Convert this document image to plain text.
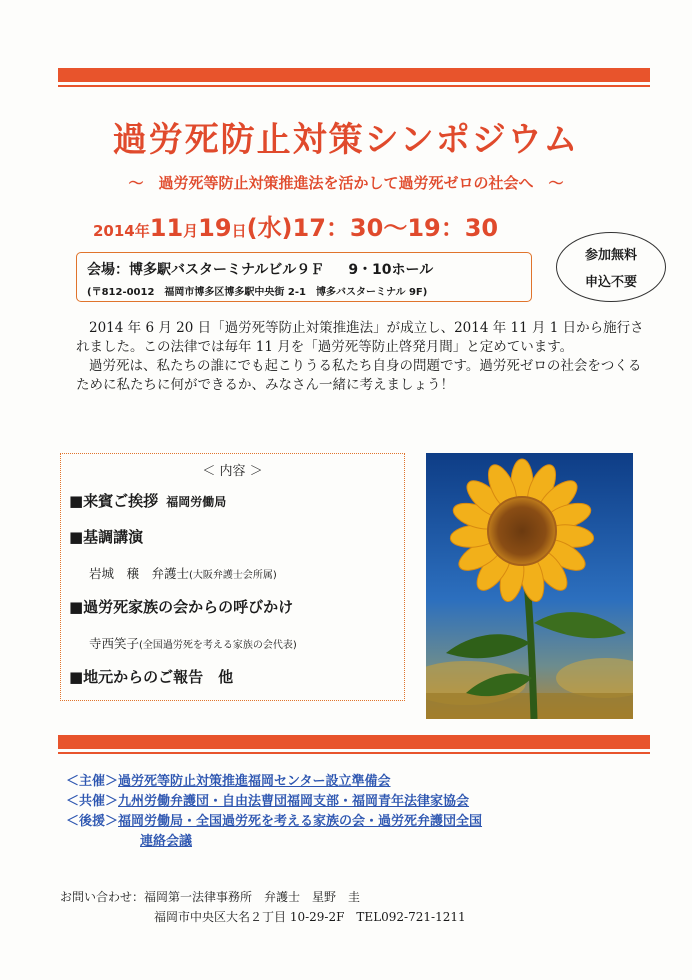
過労死防止対策シンポジウム
～　過労死等防止対策推進法を活かして過労死ゼロの社会へ　～
2014年11月19日(水)17：30～19：30
会場：博多駅バスターミナルビル９Ｆ 9・10ホール
(〒812-0012　福岡市博多区博多駅中央街 2-1　博多バスターミナル 9F)
参加無料
申込不要

2014 年 6 月 20 日「過労死等防止対策推進法」が成立し、2014 年 11 月 1 日から施行されました。この法律では毎年 11 月を「過労死等防止啓発月間」と定めています。

過労死は、私たちの誰にでも起こりうる私たち自身の問題です。過労死ゼロの社会をつくるために私たちに何ができるか、みなさん一緒に考えましょう！

＜ 内容 ＞
■来賓ご挨拶 福岡労働局
■基調講演
岩城　穣　弁護士(大阪弁護士会所属)
■過労死家族の会からの呼びかけ
寺西笑子(全国過労死を考える家族の会代表)
■地元からのご報告　他
＜主催＞過労死等防止対策推進福岡センター設立準備会
＜共催＞九州労働弁護団・自由法曹団福岡支部・福岡青年法律家協会
＜後援＞福岡労働局・全国過労死を考える家族の会・過労死弁護団全国
連絡会議
お問い合わせ：福岡第一法律事務所　弁護士　星野　圭
福岡市中央区大名２丁目 10-29-2F　TEL092-721-1211
